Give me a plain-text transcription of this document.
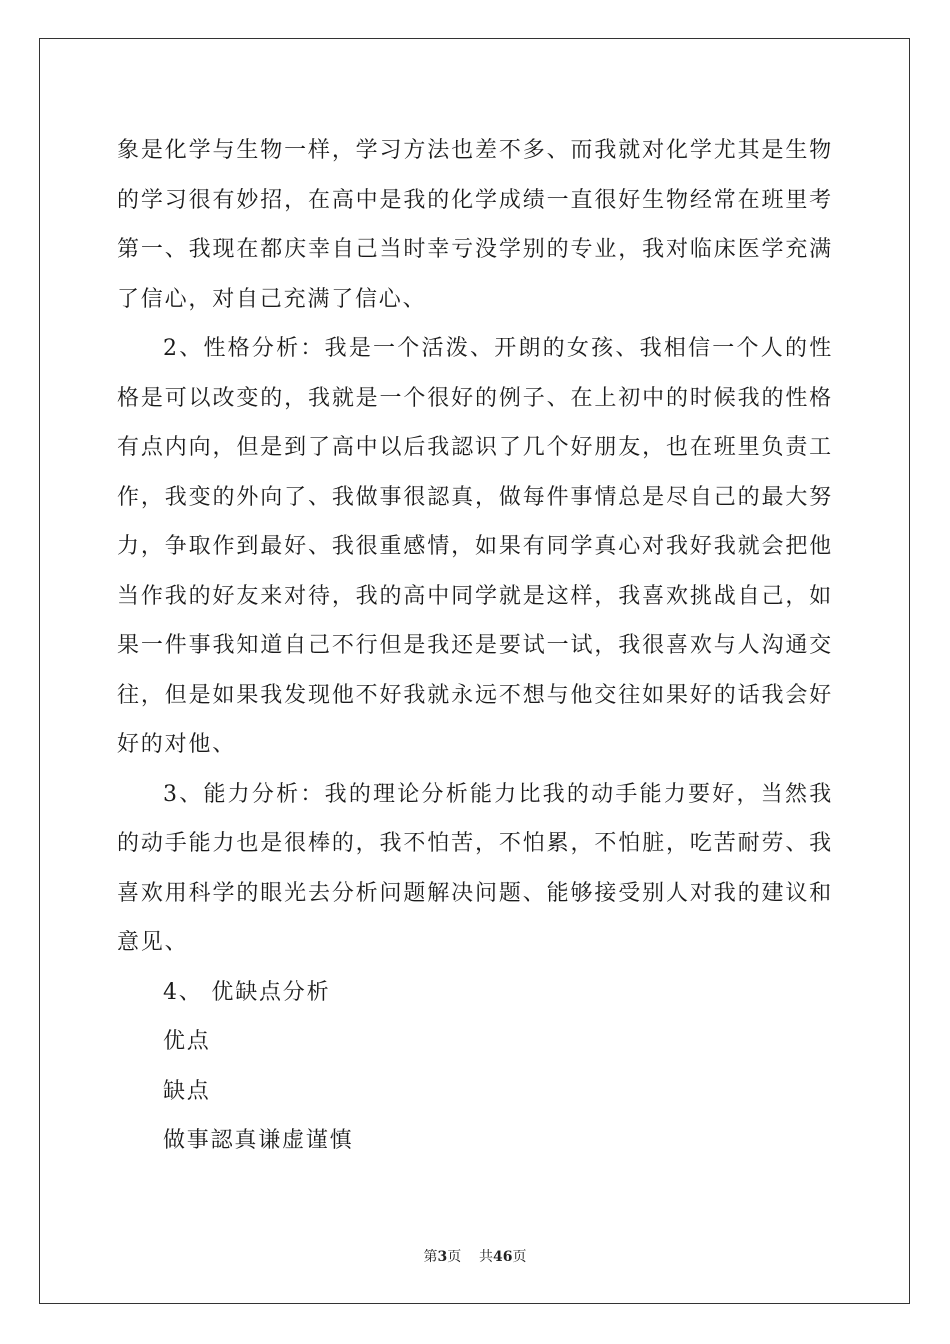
象是化学与生物一样，学习方法也差不多、而我就对化学尤其是生物
的学习很有妙招，在高中是我的化学成绩一直很好生物经常在班里考
第一、我现在都庆幸自己当时幸亏没学别的专业，我对临床医学充满
了信心，对自己充满了信心、
2、性格分析：我是一个活泼、开朗的女孩、我相信一个人的性
格是可以改变的，我就是一个很好的例子、在上初中的时候我的性格
有点内向，但是到了高中以后我認识了几个好朋友，也在班里负责工
作，我变的外向了、我做事很認真，做每件事情总是尽自己的最大努
力，争取作到最好、我很重感情，如果有同学真心对我好我就会把他
当作我的好友来对待，我的高中同学就是这样，我喜欢挑战自己，如
果一件事我知道自己不行但是我还是要试一试，我很喜欢与人沟通交
往，但是如果我发现他不好我就永远不想与他交往如果好的话我会好
好的对他、
3、能力分析：我的理论分析能力比我的动手能力要好，当然我
的动手能力也是很棒的，我不怕苦，不怕累，不怕脏，吃苦耐劳、我
喜欢用科学的眼光去分析问题解决问题、能够接受别人对我的建议和
意见、
4、 优缺点分析
优点
缺点
做事認真谦虚谨慎
第3页 共46页
